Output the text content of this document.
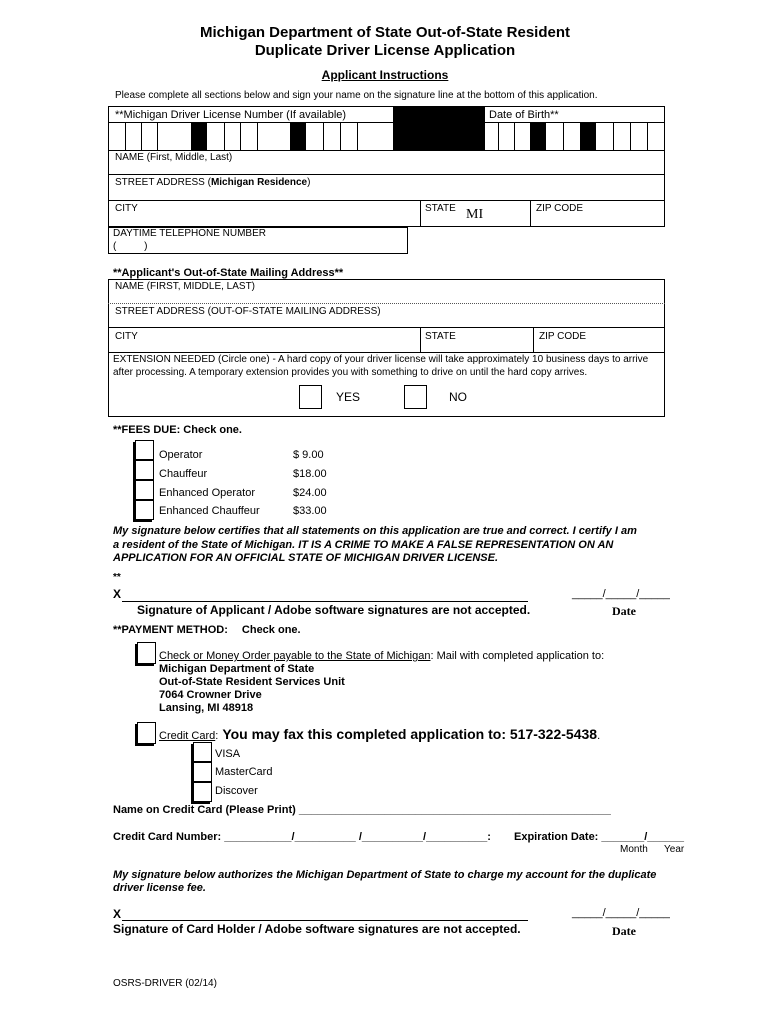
Michigan Department of State Out-of-State Resident
Duplicate Driver License Application
Applicant Instructions
Please complete all sections below and sign your name on the signature line at the bottom of this application.
**Michigan Driver License Number (If available)	Date of Birth**
NAME (First, Middle, Last)
STREET ADDRESS (Michigan Residence)
CITY	STATE MI	ZIP CODE
DAYTIME TELEPHONE NUMBER
(          )
**Applicant's Out-of-State Mailing Address**
NAME (FIRST, MIDDLE, LAST)
STREET ADDRESS (OUT-OF-STATE MAILING ADDRESS)
CITY	STATE	ZIP CODE
EXTENSION NEEDED (Circle one) - A hard copy of your driver license will take approximately 10 business days to arrive
after processing. A temporary extension provides you with something to drive on until the hard copy arrives.
YES	NO
**FEES DUE: Check one.
Operator	$ 9.00
Chauffeur	$18.00
Enhanced Operator	$24.00
Enhanced Chauffeur	$33.00
My signature below certifies that all statements on this application are true and correct. I certify I am
a resident of the State of Michigan. IT IS A CRIME TO MAKE A FALSE REPRESENTATION ON AN
APPLICATION FOR AN OFFICIAL STATE OF MICHIGAN DRIVER LICENSE.
**
X	_____/_____/_____
Signature of Applicant / Adobe software signatures are not accepted.	Date
**PAYMENT METHOD: Check one.
Check or Money Order payable to the State of Michigan: Mail with completed application to:
Michigan Department of State
Out-of-State Resident Services Unit
7064 Crowner Drive
Lansing, MI 48918
Credit Card: You may fax this completed application to: 517-322-5438.
VISA
MasterCard
Discover
Name on Credit Card (Please Print) ___________________________________________________
Credit Card Number: ___________/__________ /__________/__________: Expiration Date: _______/______
Month Year
My signature below authorizes the Michigan Department of State to charge my account for the duplicate
driver license fee.
X	_____/_____/_____
Signature of Card Holder / Adobe software signatures are not accepted.	Date
OSRS-DRIVER (02/14)
